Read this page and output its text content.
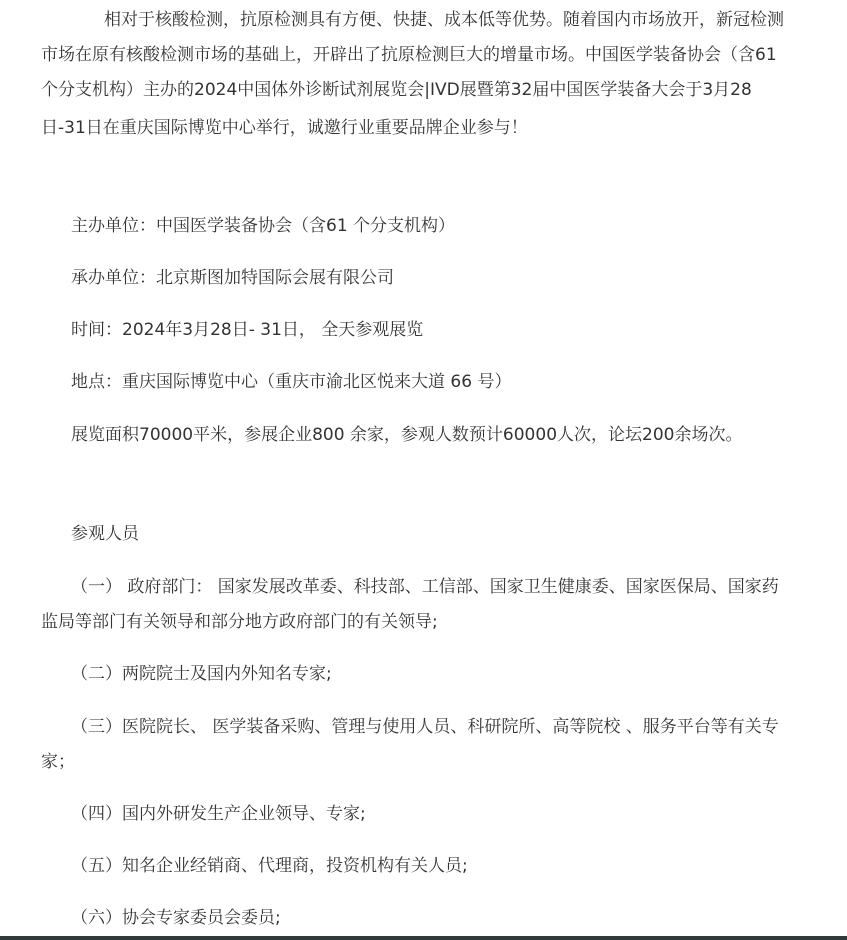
相对于核酸检测，抗原检测具有方便、快捷、成本低等优势。随着国内市场放开，新冠检测
市场在原有核酸检测市场的基础上，开辟出了抗原检测巨大的增量市场。中国医学装备协会（含61
个分支机构）主办的2024中国体外诊断试剂展览会|IVD展暨第32届中国医学装备大会于3月28
日-31日在重庆国际博览中心举行，诚邀行业重要品牌企业参与！
主办单位：中国医学装备协会（含61 个分支机构）
承办单位：北京斯图加特国际会展有限公司
时间：2024年3月28日- 31日， 全天参观展览
地点：重庆国际博览中心（重庆市渝北区悦来大道 66 号）
展览面积70000平米，参展企业800 余家，参观人数预计60000人次，论坛200余场次。
参观人员
（一） 政府部门： 国家发展改革委、科技部、工信部、国家卫生健康委、国家医保局、国家药
监局等部门有关领导和部分地方政府部门的有关领导;
（二）两院院士及国内外知名专家;
（三）医院院长、 医学装备采购、管理与使用人员、科研院所、高等院校 、服务平台等有关专
家；
（四）国内外研发生产企业领导、专家;
（五）知名企业经销商、代理商，投资机构有关人员;
（六）协会专家委员会委员;
